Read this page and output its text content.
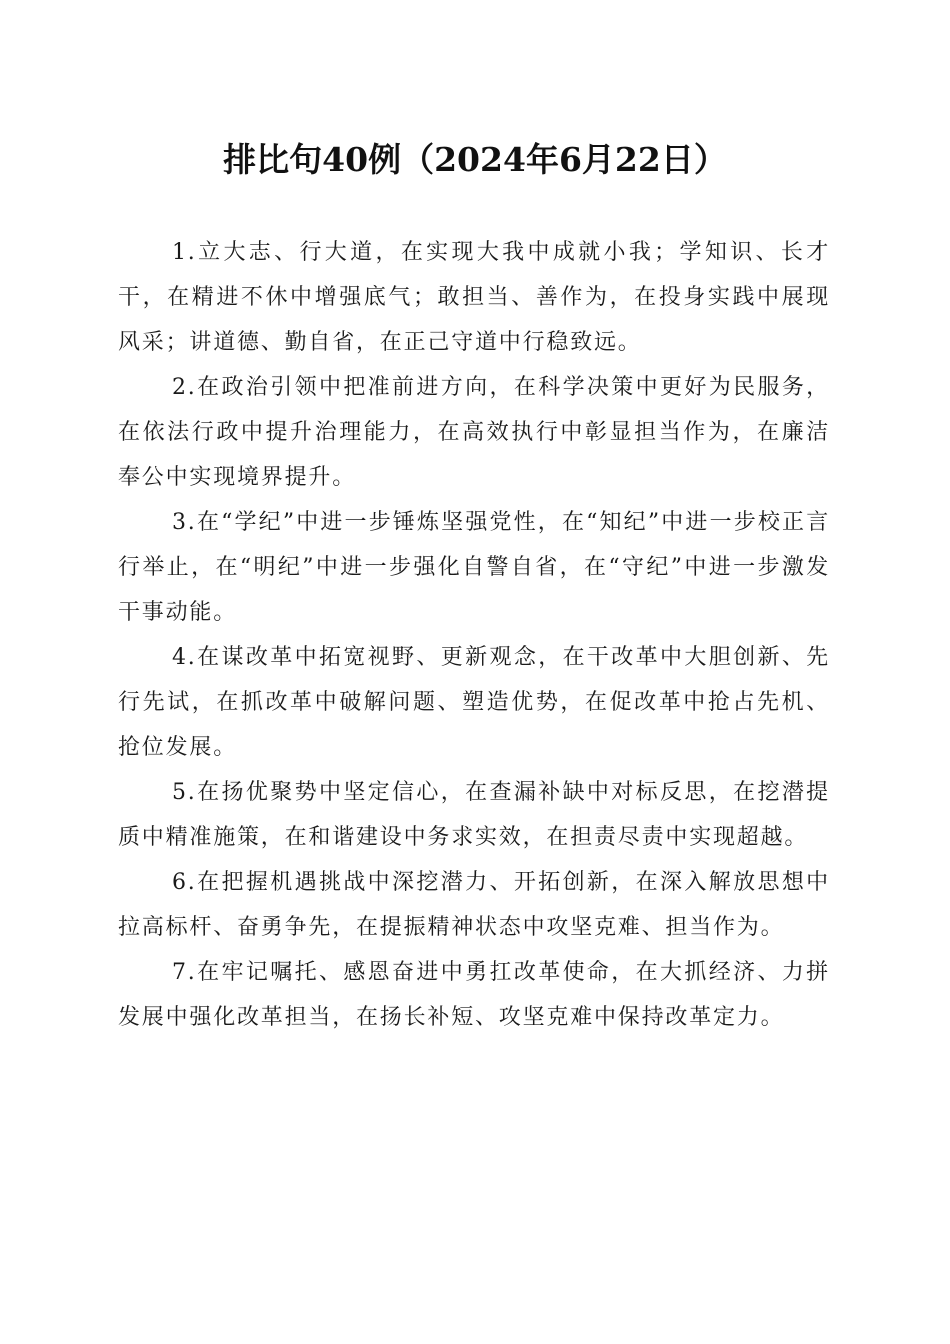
排比句40例（2024年6月22日）

1.立大志、行大道，在实现大我中成就小我；学知识、长才干，在精进不休中增强底气；敢担当、善作为，在投身实践中展现风采；讲道德、勤自省，在正己守道中行稳致远。

2.在政治引领中把准前进方向，在科学决策中更好为民服务，在依法行政中提升治理能力，在高效执行中彰显担当作为，在廉洁奉公中实现境界提升。

3.在“学纪”中进一步锤炼坚强党性，在“知纪”中进一步校正言行举止，在“明纪”中进一步强化自警自省，在“守纪”中进一步激发干事动能。

4.在谋改革中拓宽视野、更新观念，在干改革中大胆创新、先行先试，在抓改革中破解问题、塑造优势，在促改革中抢占先机、抢位发展。

5.在扬优聚势中坚定信心，在查漏补缺中对标反思，在挖潜提质中精准施策，在和谐建设中务求实效，在担责尽责中实现超越。

6.在把握机遇挑战中深挖潜力、开拓创新，在深入解放思想中拉高标杆、奋勇争先，在提振精神状态中攻坚克难、担当作为。

7.在牢记嘱托、感恩奋进中勇扛改革使命，在大抓经济、力拼发展中强化改革担当，在扬长补短、攻坚克难中保持改革定力。
